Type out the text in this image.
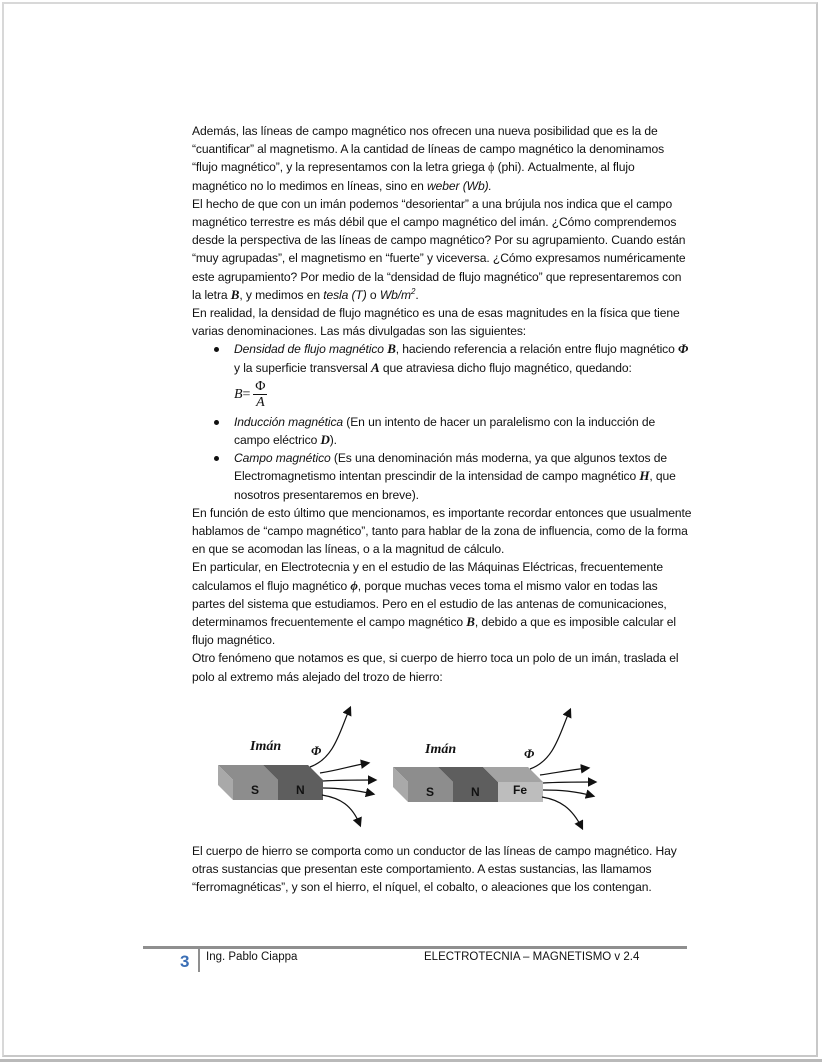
Además, las líneas de campo magnético nos ofrecen una nueva posibilidad que es la de “cuantificar” al magnetismo. A la cantidad de líneas de campo magnético la denominamos “flujo magnético”, y la representamos con la letra griega ϕ (phi). Actualmente, al flujo magnético no lo medimos en líneas, sino en weber (Wb).

El hecho de que con un imán podemos “desorientar” a una brújula nos indica que el campo magnético terrestre es más débil que el campo magnético del imán. ¿Cómo comprendemos desde la perspectiva de las líneas de campo magnético? Por su agrupamiento. Cuando están “muy agrupadas”, el magnetismo en “fuerte” y viceversa. ¿Cómo expresamos numéricamente este agrupamiento? Por medio de la “densidad de flujo magnético” que representaremos con la letra B, y medimos en tesla (T) o $Wb/m^2$.

En realidad, la densidad de flujo magnético es una de esas magnitudes en la física que tiene varias denominaciones. Las más divulgadas son las siguientes:

Densidad de flujo magnético B, haciendo referencia a relación entre flujo magnético Φ y la superficie transversal A que atraviesa dicho flujo magnético, quedando:
$B = \frac{\Phi}{A}$
Inducción magnética (En un intento de hacer un paralelismo con la inducción de campo eléctrico D).
Campo magnético (Es una denominación más moderna, ya que algunos textos de Electromagnetismo intentan prescindir de la intensidad de campo magnético H, que nosotros presentaremos en breve).

En función de esto último que mencionamos, es importante recordar entonces que usualmente hablamos de “campo magnético”, tanto para hablar de la zona de influencia, como de la forma en que se acomodan las líneas, o a la magnitud de cálculo.

En particular, en Electrotecnia y en el estudio de las Máquinas Eléctricas, frecuentemente calculamos el flujo magnético ϕ, porque muchas veces toma el mismo valor en todas las partes del sistema que estudiamos. Pero en el estudio de las antenas de comunicaciones, determinamos frecuentemente el campo magnético B, debido a que es imposible calcular el flujo magnético.

Otro fenómeno que notamos es que, si cuerpo de hierro toca un polo de un imán, traslada el polo al extremo más alejado del trozo de hierro:

S	N
Imán Φ
S	N	Fe
Imán	Φ

El cuerpo de hierro se comporta como un conductor de las líneas de campo magnético. Hay otras sustancias que presentan este comportamiento. A estas sustancias, las llamamos “ferromagnéticas”, y son el hierro, el níquel, el cobalto, o aleaciones que los contengan.

3 Ing. Pablo Ciappa	ELECTROTECNIA – MAGNETISMO v 2.4
